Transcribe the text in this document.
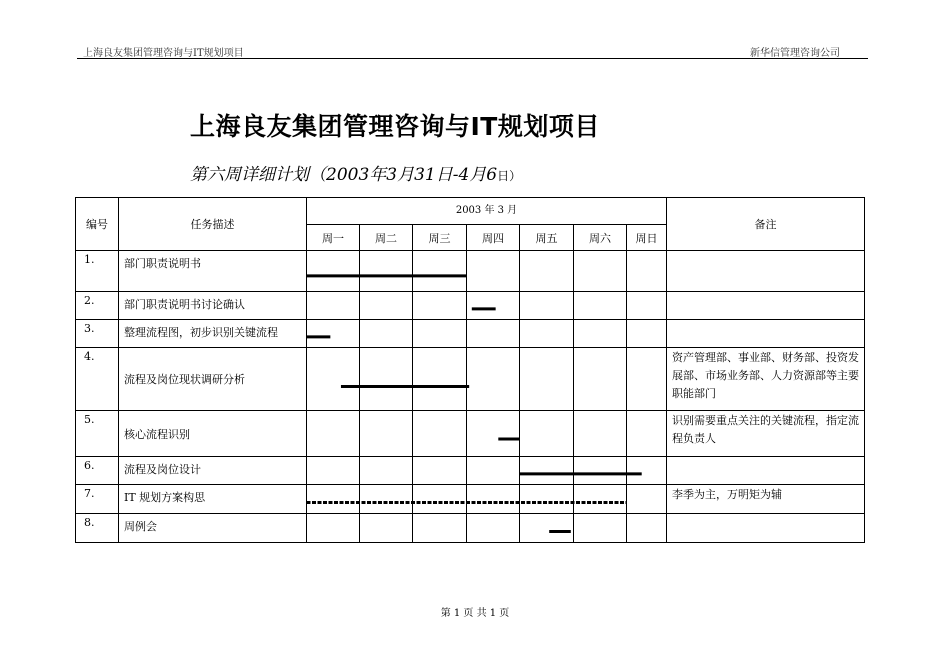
上海良友集团管理咨询与IT规划项目	新华信管理咨询公司
上海良友集团管理咨询与IT规划项目
第六周详细计划（2003年3月31日-4月6日）
编号	任务描述	2003 年 3 月							备注
		周一	周二	周三	周四	周五	周六	周日	
1.	部门职责说明书								
2.	部门职责说明书讨论确认								
3.	整理流程图，初步识别关键流程								
4.	流程及岗位现状调研分析								资产管理部、事业部、财务部、投资发展部、市场业务部、人力资源部等主要职能部门
5.	核心流程识别								识别需要重点关注的关键流程，指定流程负责人
6.	流程及岗位设计								
7.	IT 规划方案构思								李季为主，万明矩为辅
8.	周例会								
第 1 页 共 1 页
